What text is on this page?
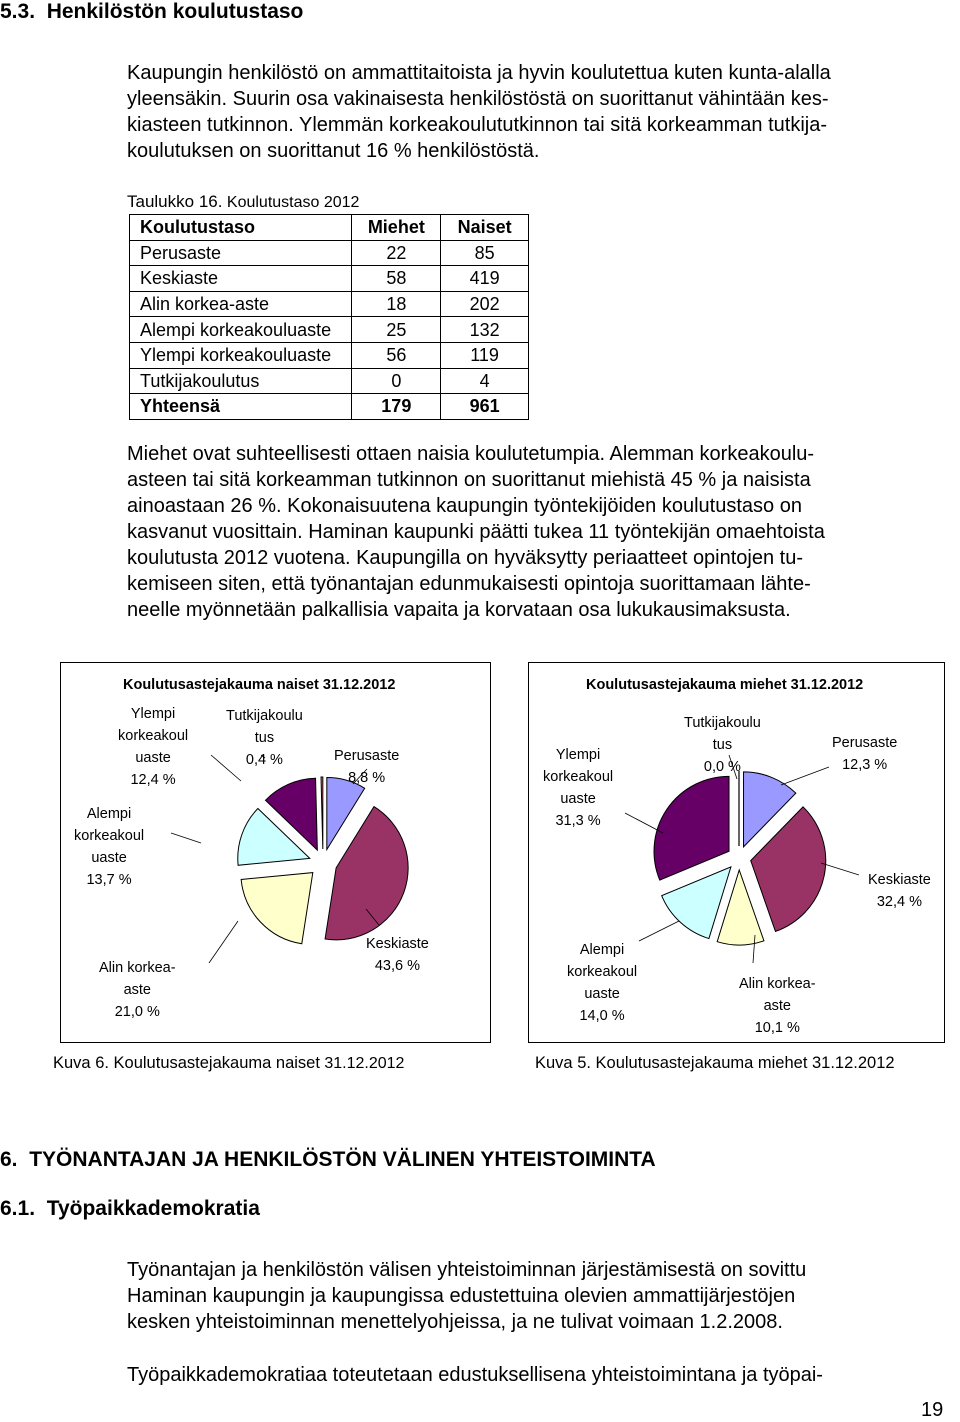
5.3. Henkilöstön koulutustaso
Kaupungin henkilöstö on ammattitaitoista ja hyvin koulutettua kuten kunta-alalla
yleensäkin. Suurin osa vakinaisesta henkilöstöstä on suorittanut vähintään kes-
kiasteen tutkinnon. Ylemmän korkeakoulututkinnon tai sitä korkeamman tutkija-
koulutuksen on suorittanut 16 % henkilöstöstä.
Taulukko 16. Koulutustaso 2012
Koulutustaso	Miehet	Naiset
Perusaste	22	85
Keskiaste	58	419
Alin korkea-aste	18	202
Alempi korkeakouluaste	25	132
Ylempi korkeakouluaste	56	119
Tutkijakoulutus	0	4
Yhteensä	179	961
Miehet ovat suhteellisesti ottaen naisia koulutetumpia. Alemman korkeakoulu-
asteen tai sitä korkeamman tutkinnon on suorittanut miehistä 45 % ja naisista
ainoastaan 26 %. Kokonaisuutena kaupungin työntekijöiden koulutustaso on
kasvanut vuosittain. Haminan kaupunki päätti tukea 11 työntekijän omaehtoista
koulutusta 2012 vuotena. Kaupungilla on hyväksytty periaatteet opintojen tu-
kemiseen siten, että työnantajan edunmukaisesti opintoja suorittamaan lähte-
neelle myönnetään palkallisia vapaita ja korvataan osa lukukausimaksusta.
Koulutusastejakauma naiset 31.12.2012
Perusaste
8,8 %
Keskiaste
43,6 %
Alin korkea-
aste
21,0 %
Alempi
korkeakoul
uaste
13,7 %
Ylempi
korkeakoul
uaste
12,4 %
Tutkijakoulu
tus
0,4 %
Koulutusastejakauma miehet 31.12.2012
Perusaste
12,3 %
Keskiaste
32,4 %
Alin korkea-
aste
10,1 %
Alempi
korkeakoul
uaste
14,0 %
Ylempi
korkeakoul
uaste
31,3 %
Tutkijakoulu
tus
0,0 %
Kuva 6. Koulutusastejakauma naiset 31.12.2012	Kuva 5. Koulutusastejakauma miehet 31.12.2012
6. TYÖNANTAJAN JA HENKILÖSTÖN VÄLINEN YHTEISTOIMINTA
6.1. Työpaikkademokratia
Työnantajan ja henkilöstön välisen yhteistoiminnan järjestämisestä on sovittu
Haminan kaupungin ja kaupungissa edustettuina olevien ammattijärjestöjen
kesken yhteistoiminnan menettelyohjeissa, ja ne tulivat voimaan 1.2.2008.
Työpaikkademokratiaa toteutetaan edustuksellisena yhteistoimintana ja työpai-
19
